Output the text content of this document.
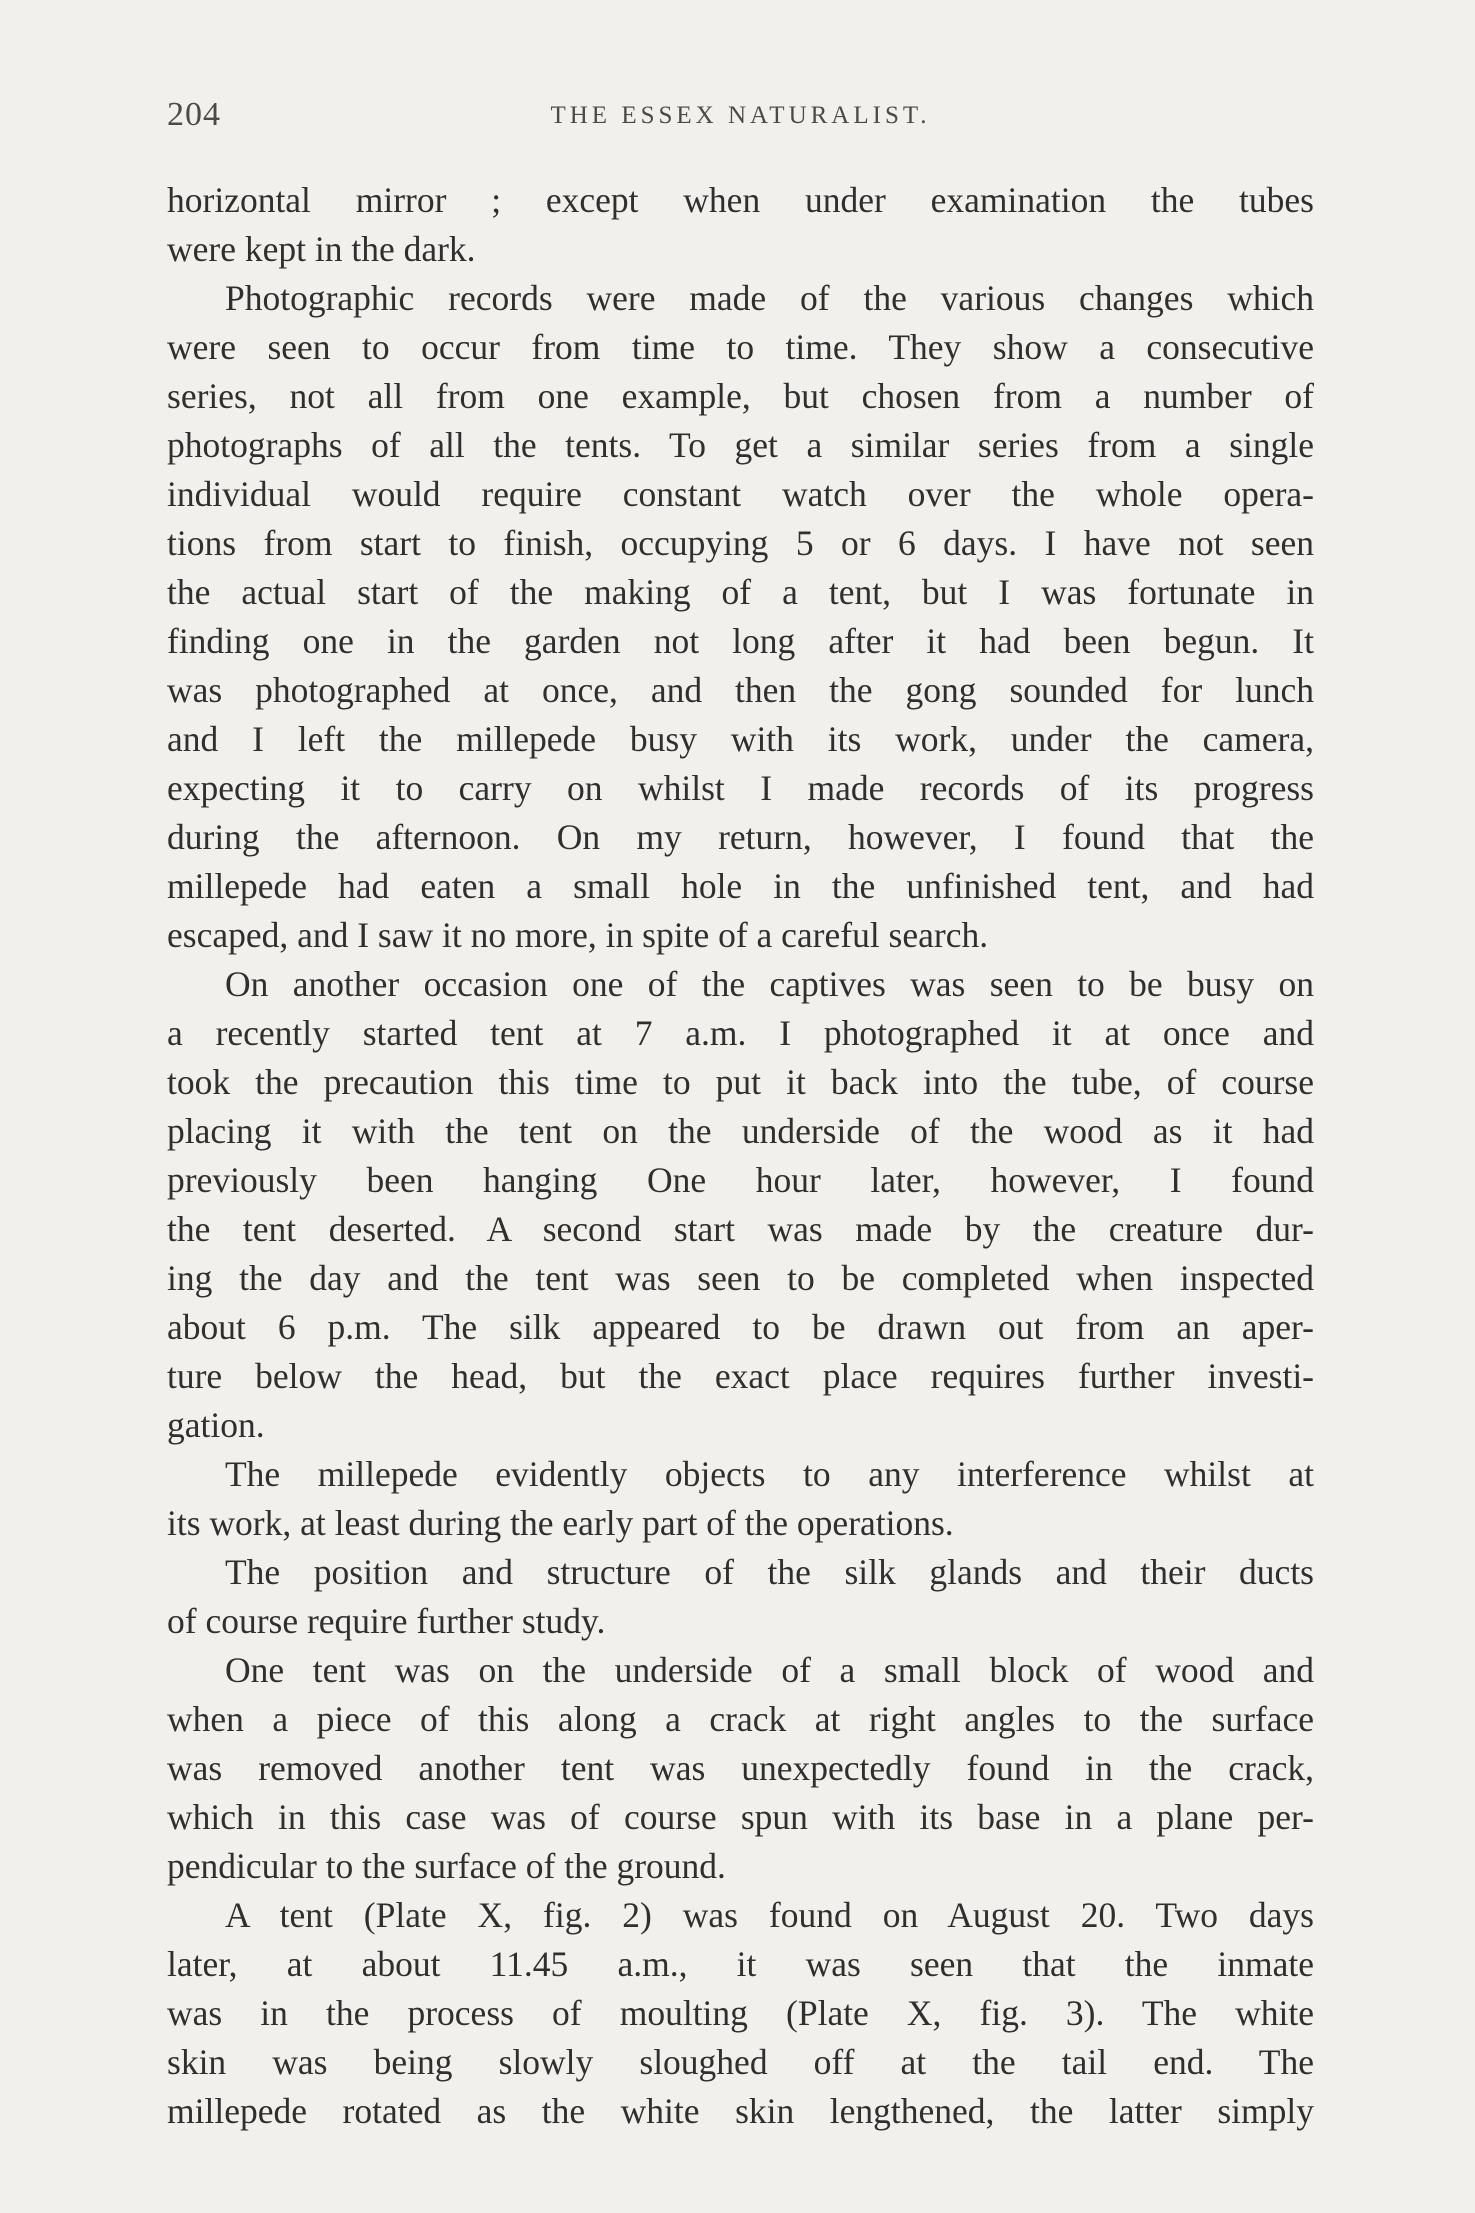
204	THE ESSEX NATURALIST.
horizontal mirror ; except when under examination the tubes
were kept in the dark.
Photographic records were made of the various changes which
were seen to occur from time to time. They show a consecutive
series, not all from one example, but chosen from a number of
photographs of all the tents. To get a similar series from a single
individual would require constant watch over the whole opera-
tions from start to finish, occupying 5 or 6 days. I have not seen
the actual start of the making of a tent, but I was fortunate in
finding one in the garden not long after it had been begun. It
was photographed at once, and then the gong sounded for lunch
and I left the millepede busy with its work, under the camera,
expecting it to carry on whilst I made records of its progress
during the afternoon. On my return, however, I found that the
millepede had eaten a small hole in the unfinished tent, and had
escaped, and I saw it no more, in spite of a careful search.
On another occasion one of the captives was seen to be busy on
a recently started tent at 7 a.m. I photographed it at once and
took the precaution this time to put it back into the tube, of course
placing it with the tent on the underside of the wood as it had
previously been hanging One hour later, however, I found
the tent deserted. A second start was made by the creature dur-
ing the day and the tent was seen to be completed when inspected
about 6 p.m. The silk appeared to be drawn out from an aper-
ture below the head, but the exact place requires further investi-
gation.
The millepede evidently objects to any interference whilst at
its work, at least during the early part of the operations.
The position and structure of the silk glands and their ducts
of course require further study.
One tent was on the underside of a small block of wood and
when a piece of this along a crack at right angles to the surface
was removed another tent was unexpectedly found in the crack,
which in this case was of course spun with its base in a plane per-
pendicular to the surface of the ground.
A tent (Plate X, fig. 2) was found on August 20. Two days
later, at about 11.45 a.m., it was seen that the inmate
was in the process of moulting (Plate X, fig. 3). The white
skin was being slowly sloughed off at the tail end. The
millepede rotated as the white skin lengthened, the latter simply
